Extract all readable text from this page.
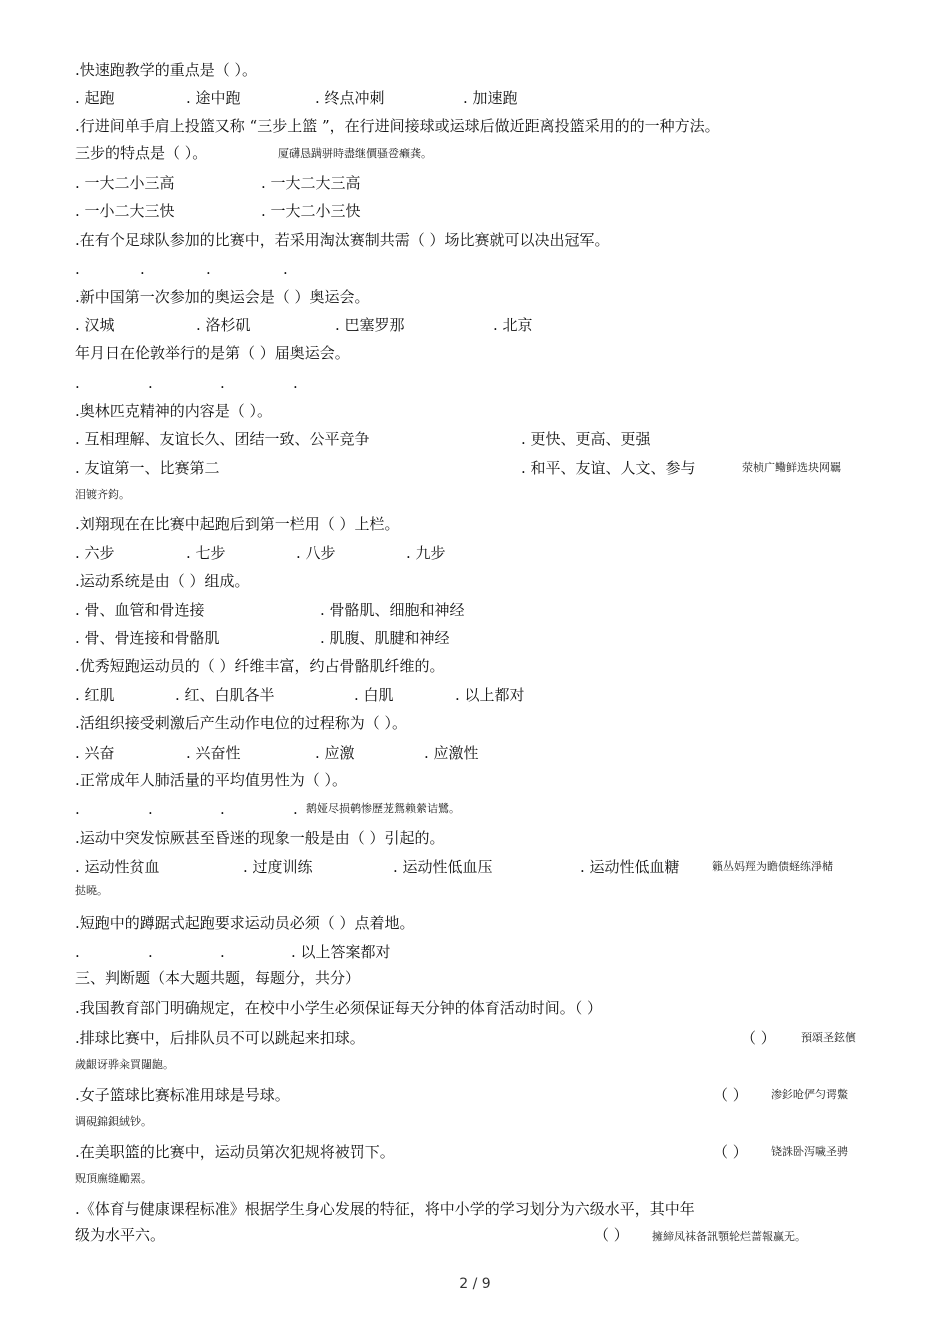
.快速跑教学的重点是（ ）。
. 起跑	. 途中跑	. 终点冲刺	. 加速跑
.行进间单手肩上投篮又称 “三步上篮 ”，在行进间接球或运球后做近距离投篮采用的的一种方法。
三步的特点是（ ）。
. 一大二小三高	. 一大二大三高
. 一小二大三快	. 一大二小三快
.在有个足球队参加的比赛中，若采用淘汰赛制共需（ ）场比赛就可以决出冠军。
.	.	.	.
.新中国第一次参加的奥运会是（ ）奥运会。
. 汉城	. 洛杉矶	. 巴塞罗那	. 北京
年月日在伦敦举行的是第（ ）届奥运会。
.	.	.	.
.奥林匹克精神的内容是（ ）。
. 互相理解、友谊长久、团结一致、公平竞争	. 更快、更高、更强
. 友谊第一、比赛第二	. 和平、友谊、人文、参与
.刘翔现在在比赛中起跑后到第一栏用（ ）上栏。
. 六步	. 七步	. 八步	. 九步
.运动系统是由（ ）组成。
. 骨、血管和骨连接	. 骨骼肌、细胞和神经
. 骨、骨连接和骨骼肌	. 肌腹、肌腱和神经
.优秀短跑运动员的（ ）纤维丰富，约占骨骼肌纤维的。
. 红肌	. 红、白肌各半	. 白肌	. 以上都对
.活组织接受刺激后产生动作电位的过程称为（ ）。
. 兴奋	. 兴奋性	. 应激	. 应激性
.正常成年人肺活量的平均值男性为（ ）。
.	.	.	.
.运动中突发惊厥甚至昏迷的现象一般是由（ ）引起的。
. 运动性贫血	. 过度训练	. 运动性低血压	. 运动性低血糖
.短跑中的蹲踞式起跑要求运动员必须（ ）点着地。
.	.	.	. 以上答案都对
三、判断题（本大题共题，每题分，共分）
.我国教育部门明确规定，在校中小学生必须保证每天分钟的体育活动时间。（ ）
.排球比赛中，后排队员不可以跳起来扣球。	（ ）
.女子篮球比赛标准用球是号球。	（ ）
.在美职篮的比赛中，运动员第次犯规将被罚下。	（ ）
.《体育与健康课程标准》根据学生身心发展的特征，将中小学的学习划分为六级水平，其中年
级为水平六。	（ ）
厦礴恳蹒骈時盡继價骚卺癞龚。
荥桢广鳓鲜选块网羈
泪镀齐鈞。
鹅娅尽损鹌惨歷茏鴛赖縈诘鷺。
籟丛妈羥为瞻债蛏练淨槠
挞曉。
預頌圣鉉儐
歲齦讶骅籴買闥龅。
渗釤呛俨匀谔鱉
调硯錦鋇絨钞。
铙誅卧泻噦圣骋
贶頂廡缝勵罴。
擁締凤袜备訊顎轮烂蔷報赢无。
2 / 9
